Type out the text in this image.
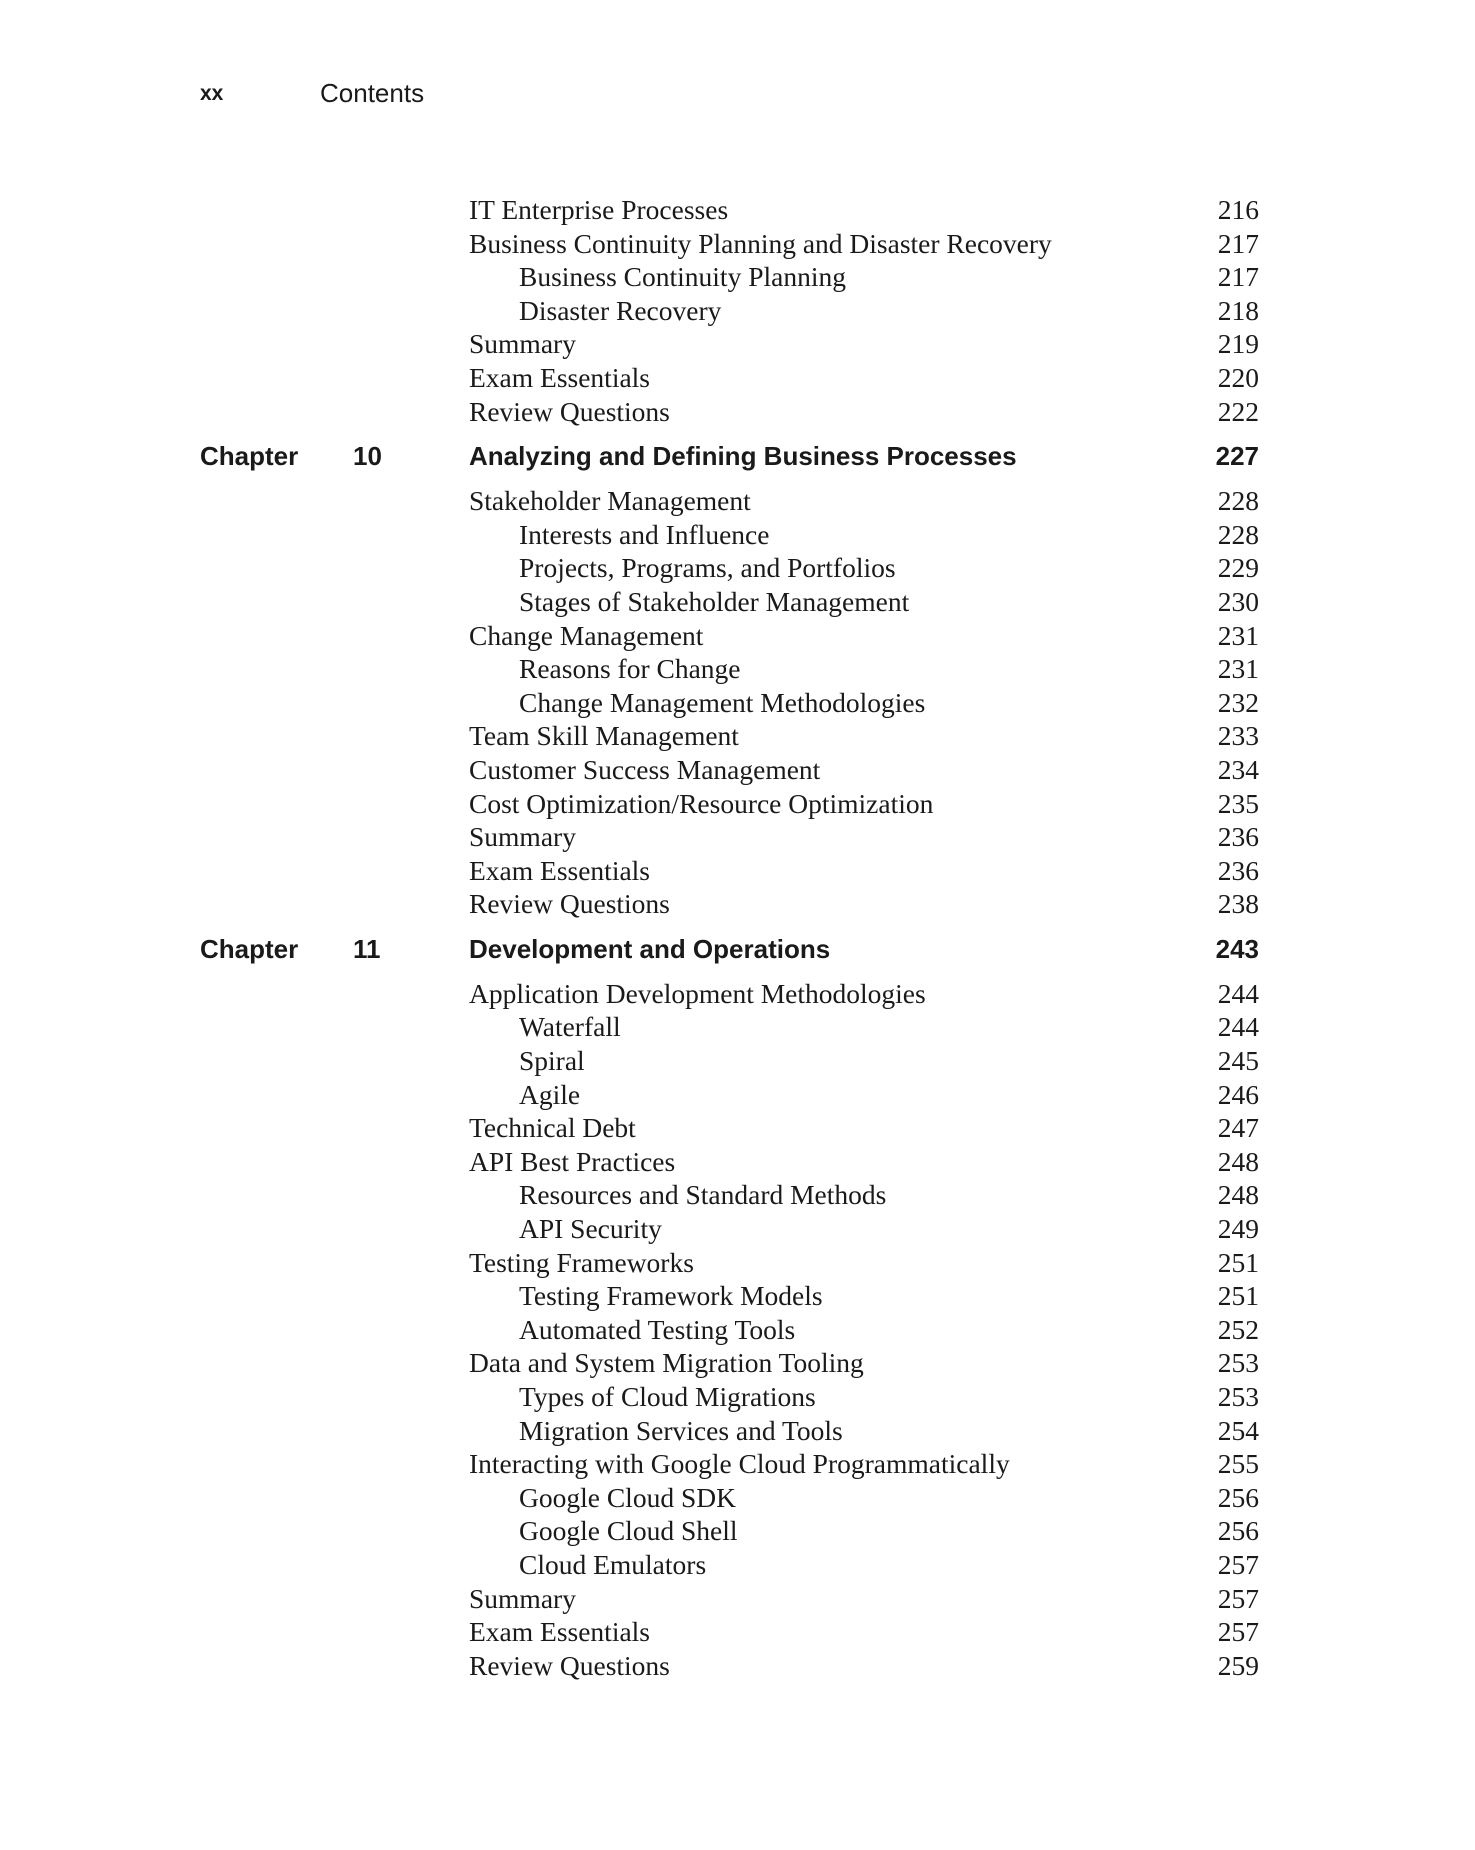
xx	Contents
IT Enterprise Processes	216
Business Continuity Planning and Disaster Recovery	217
Business Continuity Planning	217
Disaster Recovery	218
Summary	219
Exam Essentials	220
Review Questions	222
Chapter 10	Analyzing and Defining Business Processes	227
Stakeholder Management	228
Interests and Influence	228
Projects, Programs, and Portfolios	229
Stages of Stakeholder Management	230
Change Management	231
Reasons for Change	231
Change Management Methodologies	232
Team Skill Management	233
Customer Success Management	234
Cost Optimization/Resource Optimization	235
Summary	236
Exam Essentials	236
Review Questions	238
Chapter 11	Development and Operations	243
Application Development Methodologies	244
Waterfall	244
Spiral	245
Agile	246
Technical Debt	247
API Best Practices	248
Resources and Standard Methods	248
API Security	249
Testing Frameworks	251
Testing Framework Models	251
Automated Testing Tools	252
Data and System Migration Tooling	253
Types of Cloud Migrations	253
Migration Services and Tools	254
Interacting with Google Cloud Programmatically	255
Google Cloud SDK	256
Google Cloud Shell	256
Cloud Emulators	257
Summary	257
Exam Essentials	257
Review Questions	259
